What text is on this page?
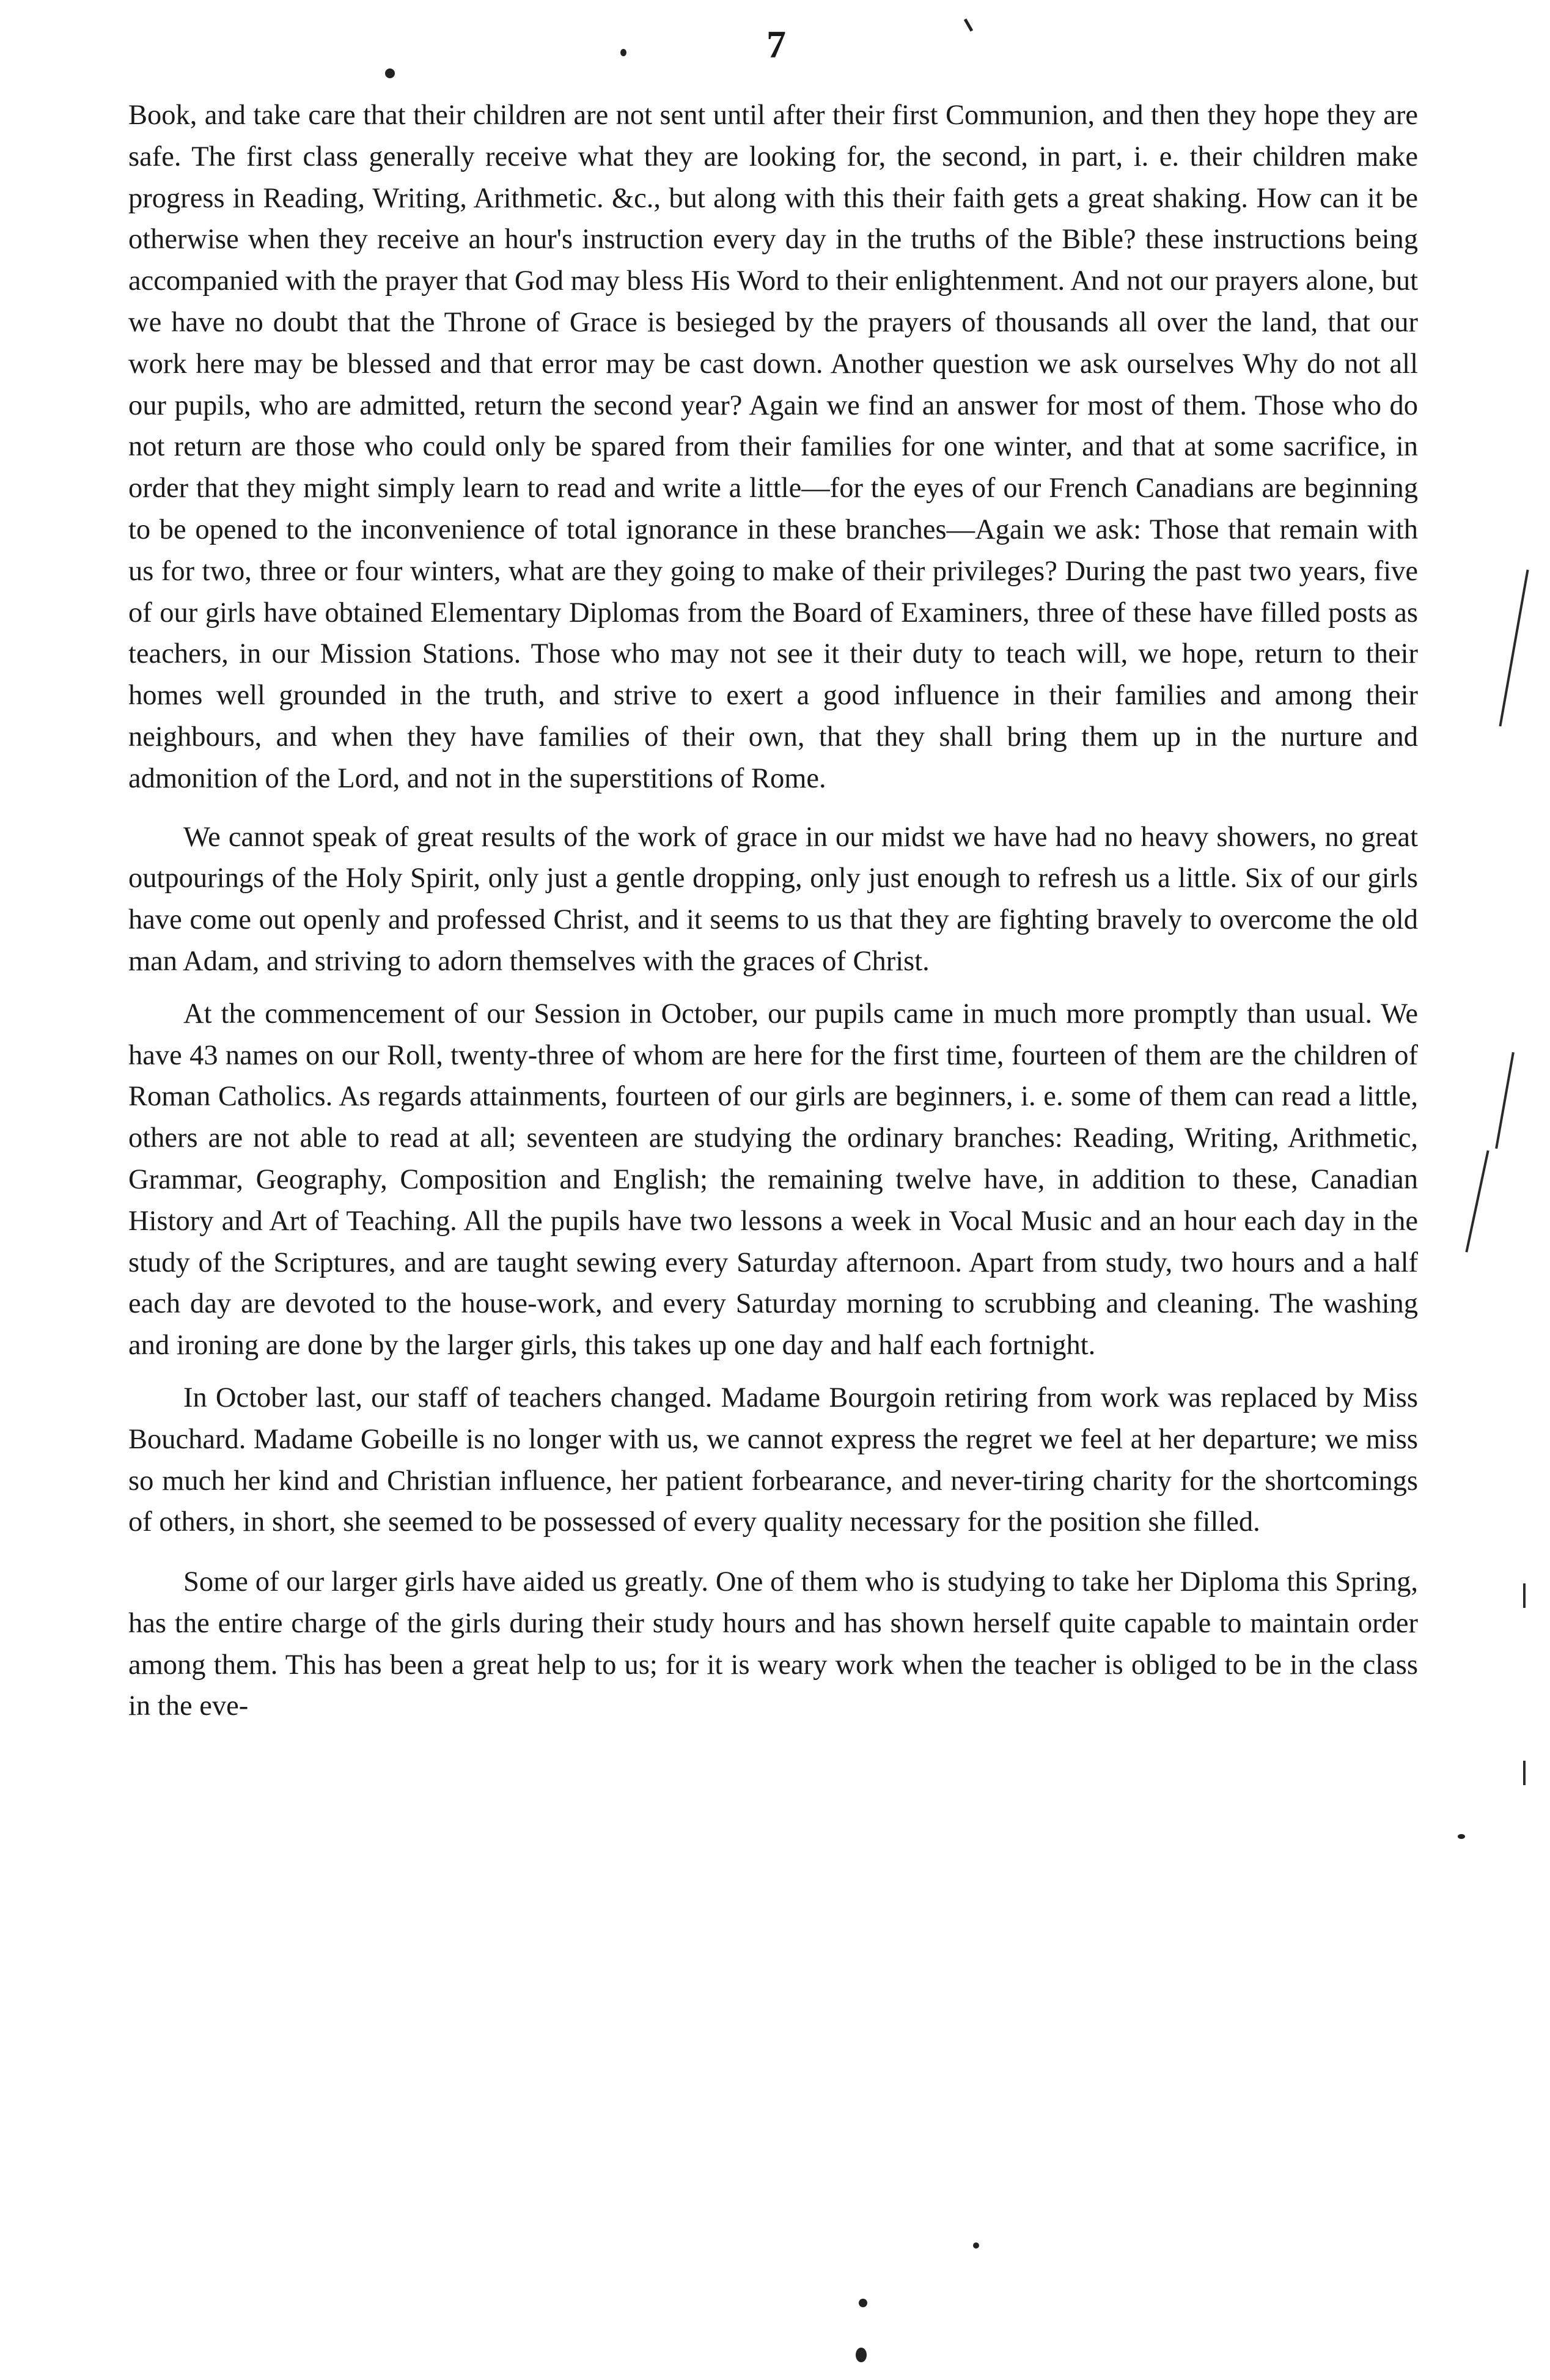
7

Book, and take care that their children are not sent until after their first Communion, and then they hope they are safe. The first class generally receive what they are looking for, the second, in part, i. e. their children make progress in Reading, Writing, Arithmetic. &c., but along with this their faith gets a great shaking. How can it be otherwise when they receive an hour's instruction every day in the truths of the Bible? these instructions being accompanied with the prayer that God may bless His Word to their enlightenment. And not our prayers alone, but we have no doubt that the Throne of Grace is besieged by the prayers of thousands all over the land, that our work here may be blessed and that error may be cast down. Another question we ask ourselves Why do not all our pupils, who are admitted, return the second year? Again we find an answer for most of them. Those who do not return are those who could only be spared from their families for one winter, and that at some sacrifice, in order that they might simply learn to read and write a little—for the eyes of our French Canadians are beginning to be opened to the inconvenience of total ignorance in these branches—Again we ask: Those that remain with us for two, three or four winters, what are they going to make of their privileges? During the past two years, five of our girls have obtained Elementary Diplomas from the Board of Examiners, three of these have filled posts as teachers, in our Mission Stations. Those who may not see it their duty to teach will, we hope, return to their homes well grounded in the truth, and strive to exert a good influence in their families and among their neighbours, and when they have families of their own, that they shall bring them up in the nurture and admonition of the Lord, and not in the superstitions of Rome.

We cannot speak of great results of the work of grace in our midst we have had no heavy showers, no great outpourings of the Holy Spirit, only just a gentle dropping, only just enough to refresh us a little. Six of our girls have come out openly and professed Christ, and it seems to us that they are fighting bravely to overcome the old man Adam, and striving to adorn themselves with the graces of Christ.

At the commencement of our Session in October, our pupils came in much more promptly than usual. We have 43 names on our Roll, twenty-three of whom are here for the first time, fourteen of them are the children of Roman Catholics. As regards attainments, fourteen of our girls are beginners, i. e. some of them can read a little, others are not able to read at all; seventeen are studying the ordinary branches: Reading, Writing, Arithmetic, Grammar, Geography, Composition and English; the remaining twelve have, in addition to these, Canadian History and Art of Teaching. All the pupils have two lessons a week in Vocal Music and an hour each day in the study of the Scriptures, and are taught sewing every Saturday afternoon. Apart from study, two hours and a half each day are devoted to the house-work, and every Saturday morning to scrubbing and cleaning. The washing and ironing are done by the larger girls, this takes up one day and half each fortnight.

In October last, our staff of teachers changed. Madame Bourgoin retiring from work was replaced by Miss Bouchard. Madame Gobeille is no longer with us, we cannot express the regret we feel at her departure; we miss so much her kind and Christian influence, her patient forbearance, and never-tiring charity for the shortcomings of others, in short, she seemed to be possessed of every quality necessary for the position she filled.

Some of our larger girls have aided us greatly. One of them who is studying to take her Diploma this Spring, has the entire charge of the girls during their study hours and has shown herself quite capable to maintain order among them. This has been a great help to us; for it is weary work when the teacher is obliged to be in the class in the eve-
